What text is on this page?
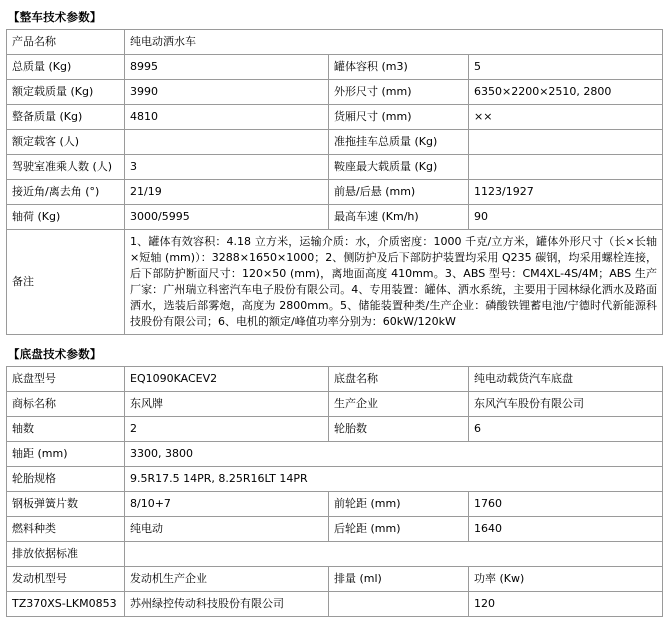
【整车技术参数】
产品名称	纯电动洒水车		
总质量 (Kg)	8995	罐体容积 (m3)	5
额定载质量 (Kg)	3990	外形尺寸 (mm)	6350×2200×2510, 2800
整备质量 (Kg)	4810	货厢尺寸 (mm)	××
额定载客 (人)		准拖挂车总质量 (Kg)	
驾驶室准乘人数 (人)	3	鞍座最大载质量 (Kg)	
接近角/离去角 (°)	21/19	前悬/后悬 (mm)	1123/1927
轴荷 (Kg)	3000/5995	最高车速 (Km/h)	90
备注	1、罐体有效容积：4.18 立方米，运输介质：水，介质密度：1000 千克/立方米，罐体外形尺寸（长×长轴×短轴 (mm)）：3288×1650×1000；2、侧防护及后下部防护装置均采用 Q235 碳钢，均采用螺栓连接，后下部防护断面尺寸：120×50 (mm)，离地面高度 410mm。3、ABS 型号：CM4XL-4S/4M；ABS 生产厂家：广州瑞立科密汽车电子股份有限公司。4、专用装置：罐体、洒水系统，主要用于园林绿化洒水及路面洒水，选装后部雾炮，高度为 2800mm。5、储能装置种类/生产企业：磷酸铁锂蓄电池/宁德时代新能源科技股份有限公司；6、电机的额定/峰值功率分别为：60kW/120kW		

【底盘技术参数】
底盘型号	EQ1090KACEV2	底盘名称	纯电动载货汽车底盘
商标名称	东风牌	生产企业	东风汽车股份有限公司
轴数	2	轮胎数	6
轴距 (mm)	3300, 3800		
轮胎规格	9.5R17.5 14PR, 8.25R16LT 14PR		
钢板弹簧片数	8/10+7	前轮距 (mm)	1760
燃料种类	纯电动	后轮距 (mm)	1640
排放依据标准			
发动机型号	发动机生产企业	排量 (ml)	功率 (Kw)
TZ370XS-LKM0853	苏州绿控传动科技股份有限公司		120
